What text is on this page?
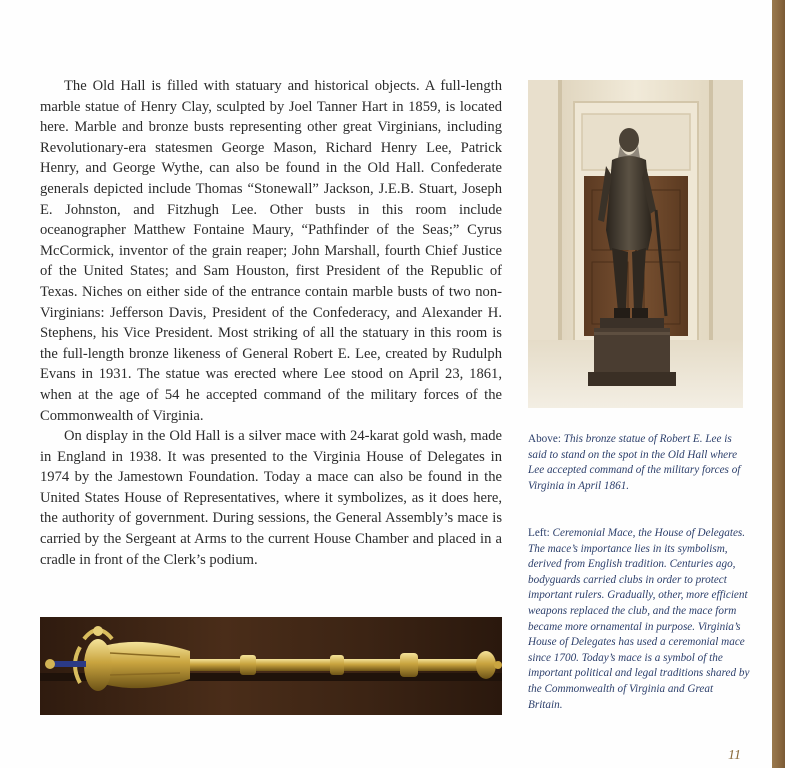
The Old Hall is filled with statuary and historical objects. A full-length marble statue of Henry Clay, sculpted by Joel Tanner Hart in 1859, is located here. Marble and bronze busts representing other great Virginians, including Revolutionary-era statesmen George Mason, Richard Henry Lee, Patrick Henry, and George Wythe, can also be found in the Old Hall. Confederate generals depicted include Thomas “Stonewall” Jackson, J.E.B. Stuart, Joseph E. Johnston, and Fitzhugh Lee. Other busts in this room include oceanographer Matthew Fontaine Maury, “Pathfinder of the Seas;” Cyrus McCormick, inventor of the grain reaper; John Marshall, fourth Chief Justice of the United States; and Sam Houston, first President of the Republic of Texas. Niches on either side of the entrance contain marble busts of two non-Virginians: Jefferson Davis, President of the Confederacy, and Alexander H. Stephens, his Vice President. Most striking of all the statuary in this room is the full-length bronze likeness of General Robert E. Lee, created by Rudulph Evans in 1931. The statue was erected where Lee stood on April 23, 1861, when at the age of 54 he accepted command of the military forces of the Commonwealth of Virginia.

On display in the Old Hall is a silver mace with 24-karat gold wash, made in England in 1938. It was presented to the Virginia House of Delegates in 1974 by the Jamestown Foundation. Today a mace can also be found in the United States House of Representatives, where it symbolizes, as it does here, the authority of government. During sessions, the General Assembly’s mace is carried by the Sergeant at Arms to the current House Chamber and placed in a cradle in front of the Clerk’s podium.

Above: This bronze statue of Robert E. Lee is said to stand on the spot in the Old Hall where Lee accepted command of the military forces of Virginia in April 1861.
Left: Ceremonial Mace, the House of Delegates. The mace’s importance lies in its symbolism, derived from English tradition. Centuries ago, bodyguards carried clubs in order to protect important rulers. Gradually, other, more efficient weapons replaced the club, and the mace form became more ornamental in purpose. Virginia’s House of Delegates has used a ceremonial mace since 1700. Today’s mace is a symbol of the important political and legal traditions shared by the Commonwealth of Virginia and Great Britain.
11
